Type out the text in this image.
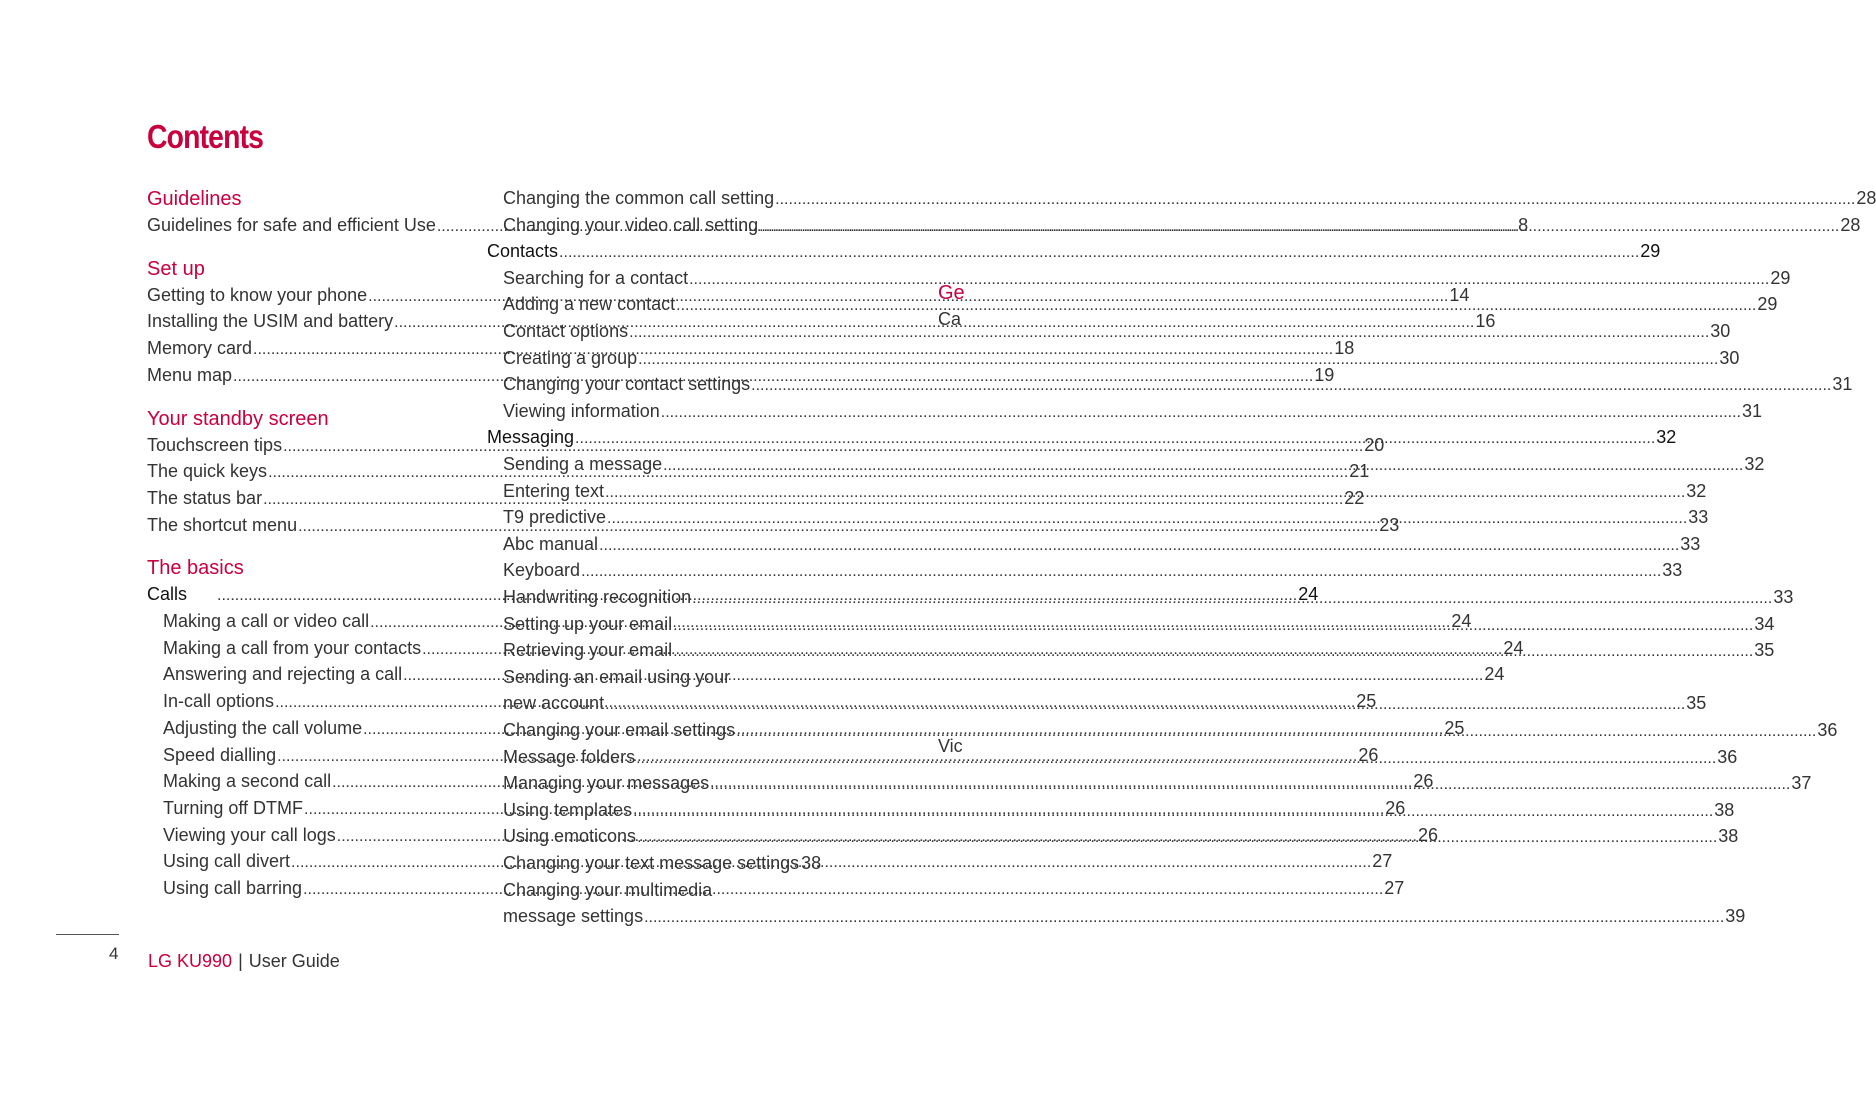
Contents
Guidelines
Guidelines for safe and efficient Use .....	8
Set up
Getting to know your phone .....	14
Installing the USIM and battery .....	16
Memory card .....	18
Menu map .....	19
Your standby screen
Touchscreen tips .....	20
The quick keys .....	21
The status bar .....	22
The shortcut menu .....	23
The basics
Calls .....	24
Making a call or video call .....	24
Making a call from your contacts .....	24
Answering and rejecting a call .....	24
In-call options .....	25
Adjusting the call volume .....	25
Speed dialling .....	26
Making a second call .....	26
Turning off DTMF .....	26
Viewing your call logs .....	26
Using call divert .....	27
Using call barring .....	27
Changing the common call setting .....	28
Changing your video call setting .....	28
Contacts .....	29
Searching for a contact .....	29
Adding a new contact .....	29
Contact options .....	30
Creating a group .....	30
Changing your contact settings .....	31
Viewing information .....	31
Messaging .....	32
Sending a message .....	32
Entering text .....	32
T9 predictive .....	33
Abc manual .....	33
Keyboard .....	33
Handwriting recognition .....	33
Setting up your email .....	34
Retrieving your email .....	35
Sending an email using your
new account .....	35
Changing your email settings .....	36
Message folders .....	36
Managing your messages .....	37
Using templates .....	38
Using emoticons .....	38
Changing your text message settings 38
Changing your multimedia
message settings .....	39
Ge
Ca
Vic
4 LG KU990 | User Guide
